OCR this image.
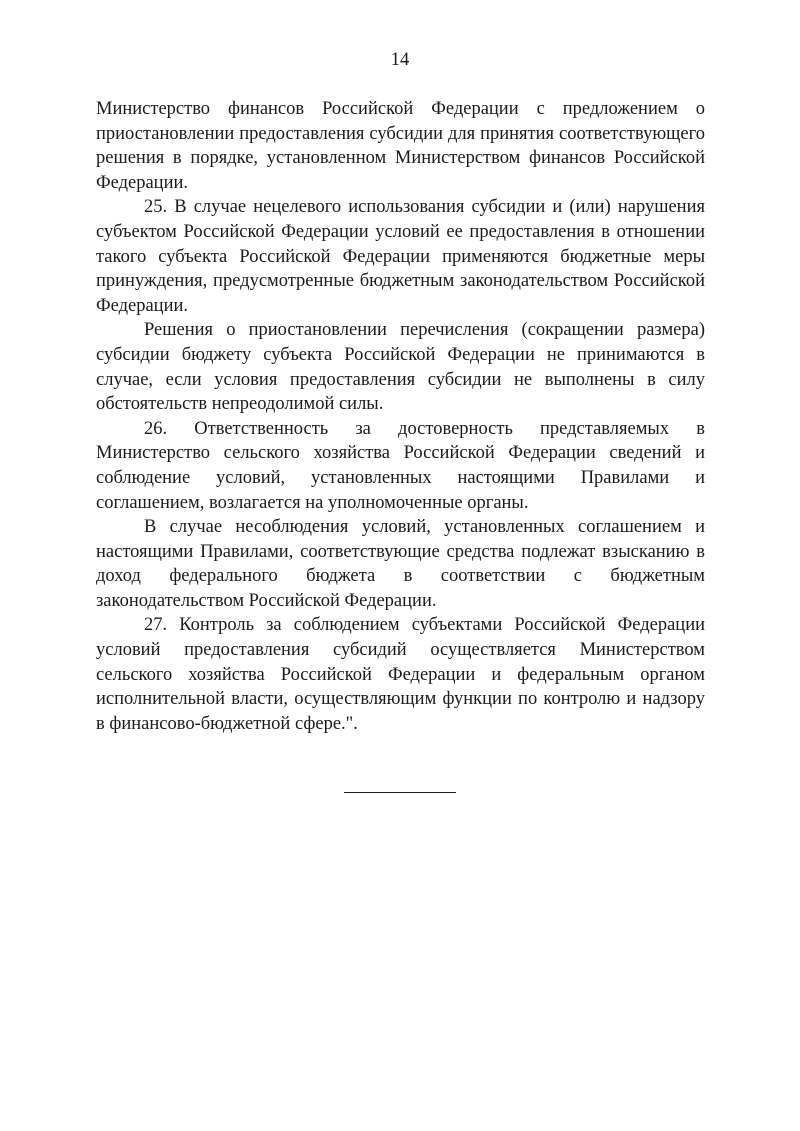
14

Министерство финансов Российской Федерации с предложением о приостановлении предоставления субсидии для принятия соответствующего решения в порядке, установленном Министерством финансов Российской Федерации.

25. В случае нецелевого использования субсидии и (или) нарушения субъектом Российской Федерации условий ее предоставления в отношении такого субъекта Российской Федерации применяются бюджетные меры принуждения, предусмотренные бюджетным законодательством Российской Федерации.

Решения о приостановлении перечисления (сокращении размера) субсидии бюджету субъекта Российской Федерации не принимаются в случае, если условия предоставления субсидии не выполнены в силу обстоятельств непреодолимой силы.

26. Ответственность за достоверность представляемых в Министерство сельского хозяйства Российской Федерации сведений и соблюдение условий, установленных настоящими Правилами и соглашением, возлагается на уполномоченные органы.

В случае несоблюдения условий, установленных соглашением и настоящими Правилами, соответствующие средства подлежат взысканию в доход федерального бюджета в соответствии с бюджетным законодательством Российской Федерации.

27. Контроль за соблюдением субъектами Российской Федерации условий предоставления субсидий осуществляется Министерством сельского хозяйства Российской Федерации и федеральным органом исполнительной власти, осуществляющим функции по контролю и надзору в финансово-бюджетной сфере.".
